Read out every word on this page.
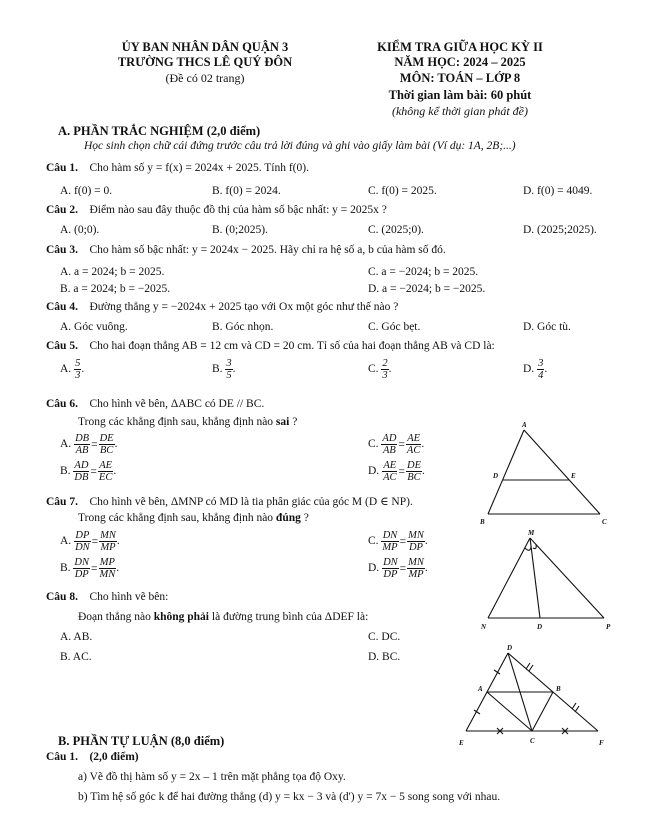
ỦY BAN NHÂN DÂN QUẬN 3
TRƯỜNG THCS LÊ QUÝ ĐÔN
(Đề có 02 trang)
KIỂM TRA GIỮA HỌC KỲ II
NĂM HỌC: 2024 – 2025
MÔN: TOÁN – LỚP 8
Thời gian làm bài: 60 phút
(không kể thời gian phát đề)
A. PHẦN TRẮC NGHIỆM (2,0 điểm)
Học sinh chọn chữ cái đứng trước câu trả lời đúng và ghi vào giấy làm bài (Ví dụ: 1A, 2B;...)
Câu 1. Cho hàm số y = f(x) = 2024x + 2025. Tính f(0).
A. f(0) = 0.	B. f(0) = 2024.	C. f(0) = 2025.	D. f(0) = 4049.
Câu 2. Điểm nào sau đây thuộc đồ thị của hàm số bậc nhất: y = 2025x ?
A. (0;0).	B. (0;2025).	C. (2025;0).	D. (2025;2025).
Câu 3. Cho hàm số bậc nhất: y = 2024x − 2025. Hãy chỉ ra hệ số a, b của hàm số đó.
A. a = 2024; b = 2025.
B. a = 2024; b = −2025.
C. a = −2024; b = 2025.
D. a = −2024; b = −2025.
Câu 4. Đường thẳng y = −2024x + 2025 tạo với Ox một góc như thế nào ?
A. Góc vuông.	B. Góc nhọn.	C. Góc bẹt.	D. Góc tù.
Câu 5. Cho hai đoạn thẳng AB = 12 cm và CD = 20 cm. Tỉ số của hai đoạn thẳng AB và CD là:
A. $\frac{5}{3}$ .	B. $\frac{3}{5}$ .	C. $\frac{2}{3}$ .	D. $\frac{3}{4}$ .
Câu 6. Cho hình vẽ bên, ΔABC có DE // BC.
Trong các khẳng định sau, khẳng định nào sai ?
A. $\frac{DB}{AB} = \frac{DE}{BC}$ .
B. $\frac{AD}{DB} = \frac{AE}{EC}$ .
C. $\frac{AD}{AB} = \frac{AE}{AC}$ .
D. $\frac{AE}{AC} = \frac{DE}{BC}$ .
A
D	E
B	C
Câu 7. Cho hình vẽ bên, ΔMNP có MD là tia phân giác của góc M (D ∈ NP).
Trong các khẳng định sau, khẳng định nào đúng ?
A. $\frac{DP}{DN} = \frac{MN}{MP}$ .
B. $\frac{DN}{DP} = \frac{MP}{MN}$ .
C. $\frac{DN}{MP} = \frac{MN}{DP}$ .
D. $\frac{DN}{DP} = \frac{MN}{MP}$ .
M
N	D	P
Câu 8. Cho hình vẽ bên:
Đoạn thẳng nào không phải là đường trung bình của ΔDEF là:
A. AB.
B. AC.
C. DC.
D. BC.
D
A	B
E	C	F
B. PHẦN TỰ LUẬN (8,0 điểm)
Câu 1. (2,0 điểm)
a) Vẽ đồ thị hàm số y = 2x – 1 trên mặt phẳng tọa độ Oxy.
b) Tìm hệ số góc k để hai đường thẳng (d) y = kx − 3 và (d') y = 7x − 5 song song với nhau.
